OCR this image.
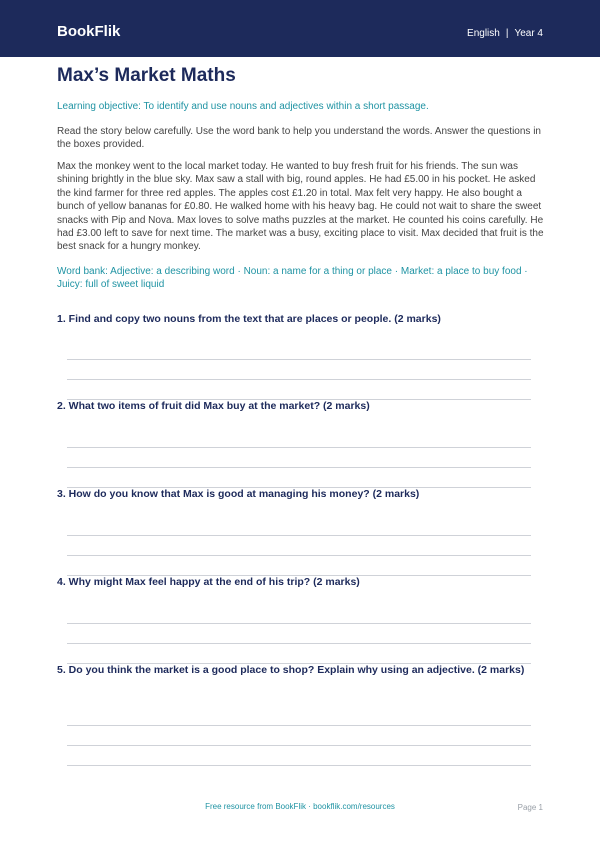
BookFlik	English | Year 4
Max’s Market Maths
Learning objective: To identify and use nouns and adjectives within a short passage.
Read the story below carefully. Use the word bank to help you understand the words. Answer the questions in the boxes provided.
Max the monkey went to the local market today. He wanted to buy fresh fruit for his friends. The sun was shining brightly in the blue sky. Max saw a stall with big, round apples. He had £5.00 in his pocket. He asked the kind farmer for three red apples. The apples cost £1.20 in total. Max felt very happy. He also bought a bunch of yellow bananas for £0.80. He walked home with his heavy bag. He could not wait to share the sweet snacks with Pip and Nova. Max loves to solve maths puzzles at the market. He counted his coins carefully. He had £3.00 left to save for next time. The market was a busy, exciting place to visit. Max decided that fruit is the best snack for a hungry monkey.
Word bank: Adjective: a describing word · Noun: a name for a thing or place · Market: a place to buy food · Juicy: full of sweet liquid
1. Find and copy two nouns from the text that are places or people. (2 marks)
2. What two items of fruit did Max buy at the market? (2 marks)
3. How do you know that Max is good at managing his money? (2 marks)
4. Why might Max feel happy at the end of his trip? (2 marks)
5. Do you think the market is a good place to shop? Explain why using an adjective. (2 marks)
Free resource from BookFlik · bookflik.com/resources	Page 1
